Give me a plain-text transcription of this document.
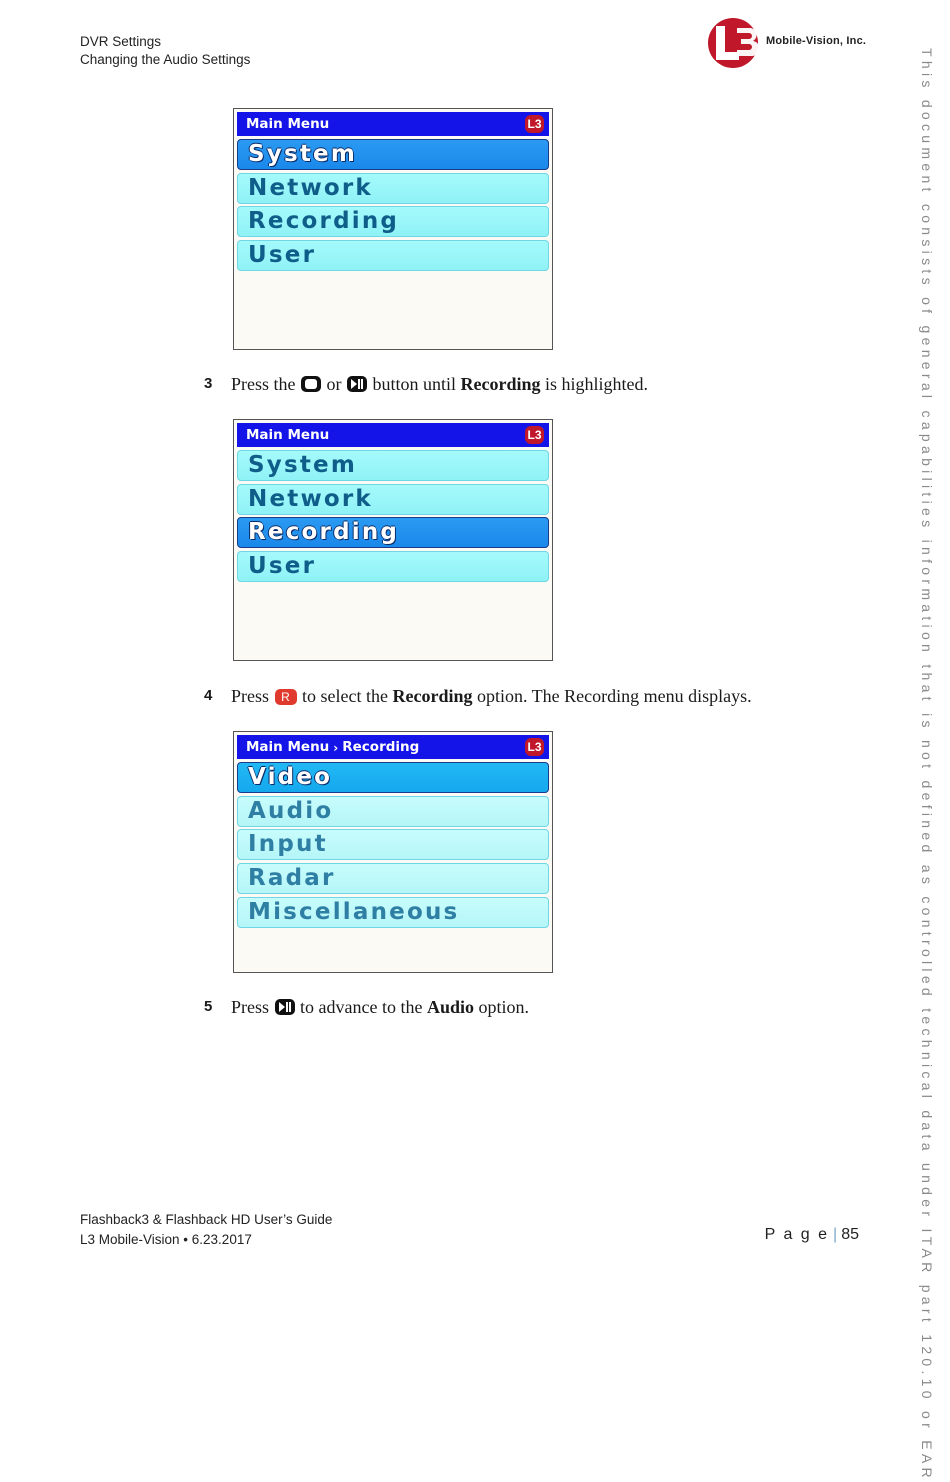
DVR Settings
Changing the Audio Settings
Mobile-Vision, Inc.
This document consists of general capabilities information that is not defined as controlled technical data under ITAR part 120.10 or EAR
Main Menu	L3
System
Network
Recording
User
3 Press the or button until Recording is highlighted.
Main Menu	L3
System
Network
Recording
User
4 Press R to select the Recording option. The Recording menu displays.
Main Menu › Recording	L3
Video
Audio
Input
Radar
Miscellaneous
5 Press to advance to the Audio option.
Flashback3 & Flashback HD User’s Guide
L3 Mobile-Vision • 6.23.2017	P a g e | 85
